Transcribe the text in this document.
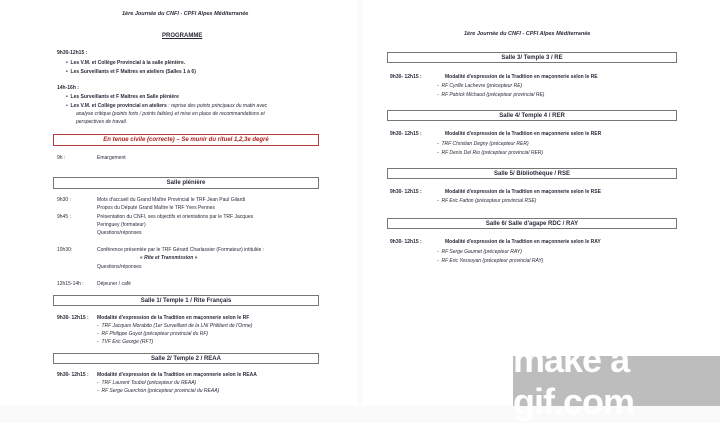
1ère Journée du CNFI - CPFI Alpes Méditerranée
PROGRAMME
9h30-12h15 :
•  Les V.M. et Collège Provincial à la salle plénière.
•  Les Surveillants et F Maîtres en ateliers (Salles 1 à 6)
14h-16h :
•  Les Surveillants et F Maîtres en Salle plénière
•  Les V.M. et Collège provincial en ateliers : reprise des points principaux du matin avec
analyse critique (points forts / points faibles) et mise en place de recommandations et
perspectives de travail.
En tenue civile (correcte) – Se munir du rituel 1,2,3e degré
9h :	Emargement
Salle plénière
9h30 :	Mots d'accueil du Grand Maître Provincial le TRF Jean Paul Gilardi
Propos du Député Grand Maître le TRF Yves Pennes
9h45 :	Présentation du CNFI, ses objectifs et orientations par le TRF Jacques
Peringuey (formateur)
Questions/réponses
10h30:	Conférence présentée par le TRF Gérard Charlassier (Formateur) intitulée :
« Rite et Transmission »
Questions/réponses
12h15-14h :	Déjeuner / café
Salle 1/ Temple 1 / Rite Français
9h30- 12h15 : Modalité d'expression de la Tradition en maçonnerie selon le RF
-  TRF Jacques Morabito (1er Surveillant de la LNI Philibert de l'Orme)
-  RF Philippe Guyot (précepteur provincial du RF)
-  TVF Eric George (RFT)
Salle 2/ Temple 2 / REAA
9h30- 12h15 : Modalité d'expression de la Tradition en maçonnerie selon le REAA
-  TRF Laurent Toubol (précepteur du REAA)
-  RF Serge Guerchon (précepteur provincial du REAA)
1ère Journée du CNFI - CPFI Alpes Méditerranée
Salle 3/ Temple 3 / RE
9h30- 12h15 :	Modalité d'expression de la Tradition en maçonnerie selon le RE
-  RF Cyrille Lachevre (précepteur RE)
-  RF Patrick Michaud (précepteur provincial RE)
Salle 4/ Temple 4 / RER
9h30- 12h15 :	Modalité d'expression de la Tradition en maçonnerie selon le RER
-  TRF Christian Degny (précepteur RER)
-  RF Denis Del Rio (précepteur provincial RER)
Salle 5/ Bibliothèque / RSE
9h30- 12h15 :	Modalité d'expression de la Tradition en maçonnerie selon le RSE
-  RF Eric Fatton (précepteur provincial RSE)
Salle 6/ Salle d'agape RDC / RAY
9h30- 12h15 :	Modalité d'expression de la Tradition en maçonnerie selon le RAY
-  RF Serge Gaumet (précepteur RAY)
-  RF Eric Yessoyan (précepteur provincial RAY)
make a gif.com
